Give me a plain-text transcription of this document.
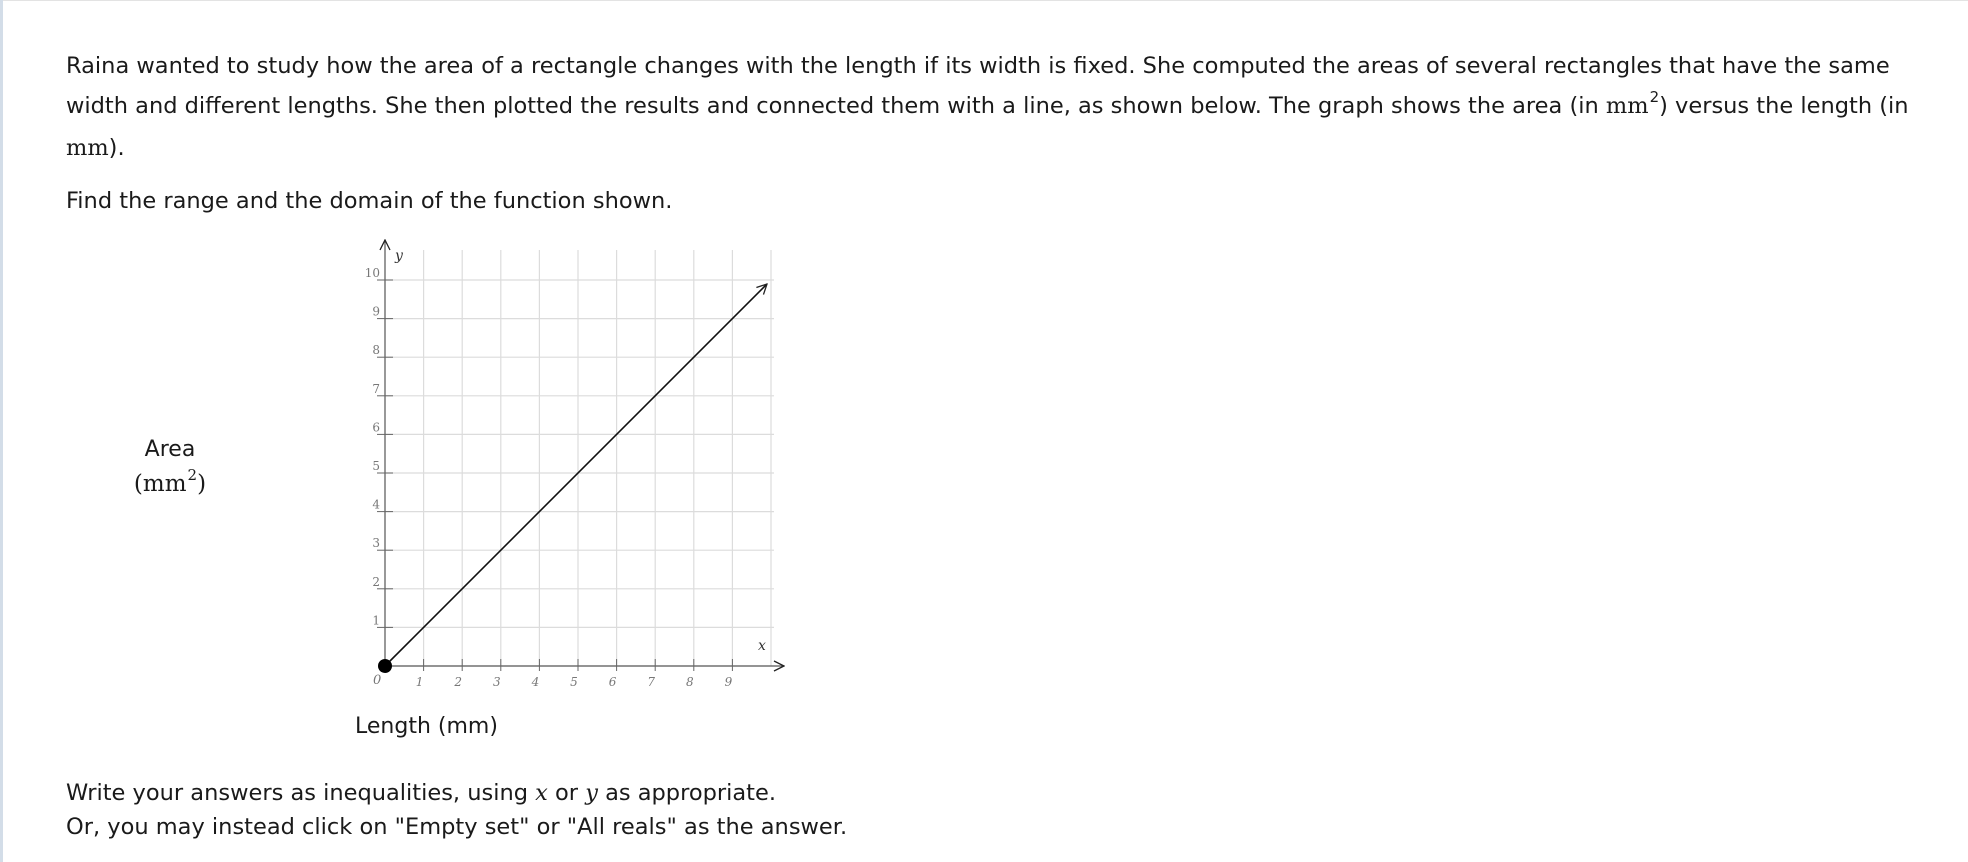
Raina wanted to study how the area of a rectangle changes with the length if its width is fixed. She computed the areas of several rectangles that have the same width and different lengths. She then plotted the results and connected them with a line, as shown below. The graph shows the area (in $mm^2$) versus the length (in mm).

Find the range and the domain of the function shown.

Area
$(mm^2)$
1	2	3	4	5	6	7	8	9
1
2
3
4
5
6
7
8
9
10
x
y
0
Length (mm)

Write your answers as inequalities, using x or y as appropriate.

Or, you may instead click on "Empty set" or "All reals" as the answer.
